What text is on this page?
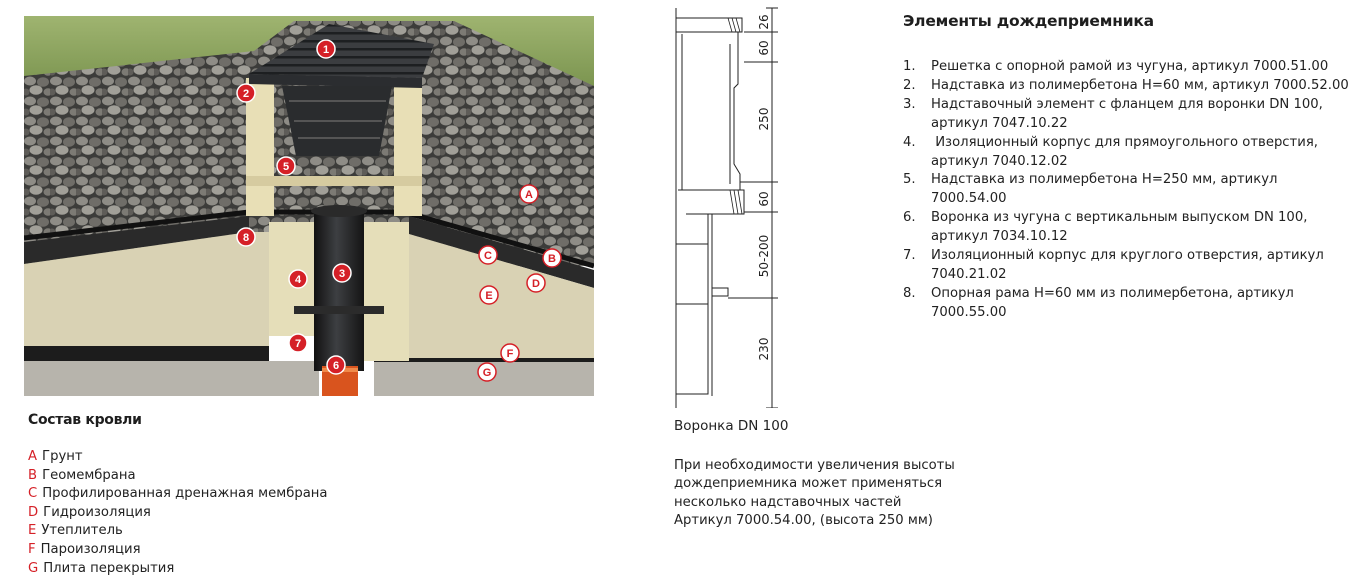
1
2
5
8
3
4
7
6
A
B
C
D
E
F
G
Состав кровли
A Грунт
B Геомембрана
C Профилированная дренажная мембрана
D Гидроизоляция
E Утеплитель
F Пароизоляция
G Плита перекрытия
26
60
250
60
50-200
230
Воронка DN 100
При необходимости увеличения высоты
дождеприемника может применяться
несколько надставочных частей
Артикул 7000.54.00, (высота 250 мм)
Элементы дождеприемника
1.	Решетка с опорной рамой из чугуна, артикул 7000.51.00
2.	Надставка из полимербетона H=60 мм, артикул 7000.52.00
3.	Надставочный элемент с фланцем для воронки DN 100,
артикул 7047.10.22
4.	Изоляционный корпус для прямоугольного отверстия,
артикул 7040.12.02
5.	Надставка из полимербетона H=250 мм, артикул
7000.54.00
6.	Воронка из чугуна с вертикальным выпуском DN 100,
артикул 7034.10.12
7.	Изоляционный корпус для круглого отверстия, артикул
7040.21.02
8.	Опорная рама H=60 мм из полимербетона, артикул
7000.55.00
